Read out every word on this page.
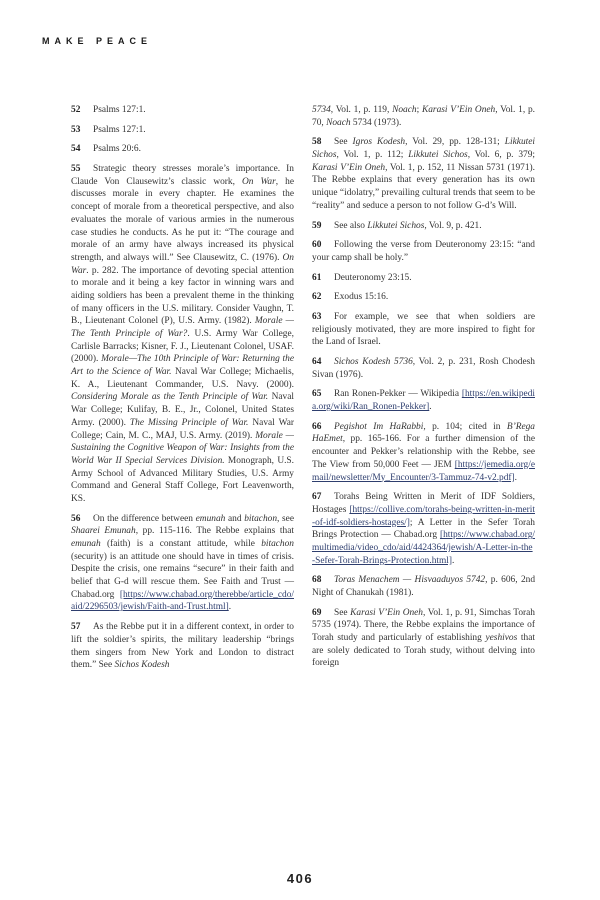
MAKE PEACE
52 Psalms 127:1.
53 Psalms 127:1.
54 Psalms 20:6.
55 Strategic theory stresses morale’s importance. In Claude Von Clausewitz’s classic work, On War, he discusses morale in every chapter. He examines the concept of morale from a theoretical perspective, and also evaluates the morale of various armies in the numerous case studies he conducts. As he put it: “The courage and morale of an army have always increased its physical strength, and always will.” See Clausewitz, C. (1976). On War. p. 282. The importance of devoting special attention to morale and it being a key factor in winning wars and aiding soldiers has been a prevalent theme in the thinking of many officers in the U.S. military. Consider Vaughn, T. B., Lieutenant Colonel (P), U.S. Army. (1982). Morale — The Tenth Principle of War?. U.S. Army War College, Carlisle Barracks; Kisner, F. J., Lieutenant Colonel, USAF. (2000). Morale—The 10th Principle of War: Returning the Art to the Science of War. Naval War College; Michaelis, K. A., Lieutenant Commander, U.S. Navy. (2000). Considering Morale as the Tenth Principle of War. Naval War College; Kulifay, B. E., Jr., Colonel, United States Army. (2000). The Missing Principle of War. Naval War College; Cain, M. C., MAJ, U.S. Army. (2019). Morale — Sustaining the Cognitive Weapon of War: Insights from the World War II Special Services Division. Monograph, U.S. Army School of Advanced Military Studies, U.S. Army Command and General Staff College, Fort Leavenworth, KS.
56 On the difference between emunah and bitachon, see Shaarei Emunah, pp. 115-116. The Rebbe explains that emunah (faith) is a constant attitude, while bitachon (security) is an attitude one should have in times of crisis. Despite the crisis, one remains “secure” in their faith and belief that G-d will rescue them. See Faith and Trust — Chabad.org [https://www.chabad.org/therebbe/article_cdo/aid/2296503/jewish/Faith-and-Trust.html].
57 As the Rebbe put it in a different context, in order to lift the soldier’s spirits, the military leadership “brings them singers from New York and London to distract them.” See Sichos Kodesh
5734, Vol. 1, p. 119, Noach; Karasi V’Ein Oneh, Vol. 1, p. 70, Noach 5734 (1973).
58 See Igros Kodesh, Vol. 29, pp. 128-131; Likkutei Sichos, Vol. 1, p. 112; Likkutei Sichos, Vol. 6, p. 379; Karasi V’Ein Oneh, Vol. 1, p. 152, 11 Nissan 5731 (1971). The Rebbe explains that every generation has its own unique “idolatry,” prevailing cultural trends that seem to be “reality” and seduce a person to not follow G-d’s Will.
59 See also Likkutei Sichos, Vol. 9, p. 421.
60 Following the verse from Deuteronomy 23:15: “and your camp shall be holy.”
61 Deuteronomy 23:15.
62 Exodus 15:16.
63 For example, we see that when soldiers are religiously motivated, they are more inspired to fight for the Land of Israel.
64 Sichos Kodesh 5736, Vol. 2, p. 231, Rosh Chodesh Sivan (1976).
65 Ran Ronen-Pekker — Wikipedia [https://en.wikipedia.org/wiki/Ran_Ronen-Pekker].
66 Pegishot Im HaRabbi, p. 104; cited in B’Rega HaEmet, pp. 165-166. For a further dimension of the encounter and Pekker’s relationship with the Rebbe, see The View from 50,000 Feet — JEM [https://jemedia.org/email/newsletter/My_Encounter/3-Tammuz-74-v2.pdf].
67 Torahs Being Written in Merit of IDF Soldiers, Hostages [https://collive.com/torahs-being-written-in-merit-of-idf-soldiers-hostages/]; A Letter in the Sefer Torah Brings Protection — Chabad.org [https://www.chabad.org/multimedia/video_cdo/aid/4424364/jewish/A-Letter-in-the-Sefer-Torah-Brings-Protection.html].
68 Toras Menachem — Hisvaaduyos 5742, p. 606, 2nd Night of Chanukah (1981).
69 See Karasi V’Ein Oneh, Vol. 1, p. 91, Simchas Torah 5735 (1974). There, the Rebbe explains the importance of Torah study and particularly of establishing yeshivos that are solely dedicated to Torah study, without delving into foreign
406
